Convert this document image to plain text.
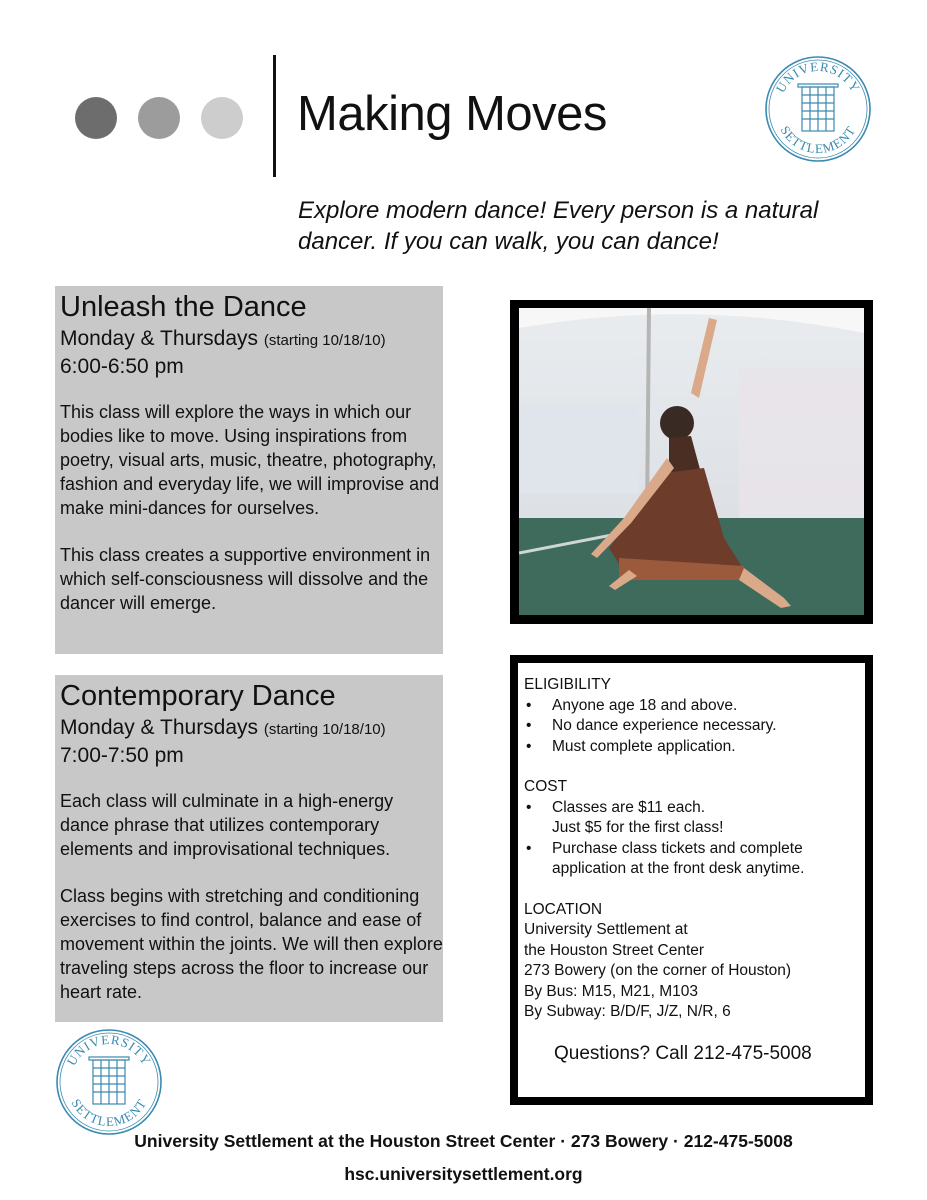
Making Moves
Explore modern dance! Every person is a natural dancer. If you can walk, you can dance!
UNIVERSITY
SETTLEMENT
Unleash the Dance
Monday & Thursdays (starting 10/18/10)
6:00-6:50 pm

This class will explore the ways in which our bodies like to move. Using inspirations from poetry, visual arts, music, theatre, photography, fashion and everyday life, we will improvise and make mini-dances for ourselves.

This class creates a supportive environment in which self-consciousness will dissolve and the dancer will emerge.

Contemporary Dance
Monday & Thursdays (starting 10/18/10)
7:00-7:50 pm

Each class will culminate in a high-energy dance phrase that utilizes contemporary elements and improvisational techniques.

Class begins with stretching and conditioning exercises to find control, balance and ease of movement within the joints. We will then explore traveling steps across the floor to increase our heart rate.

ELIGIBILITY
• Anyone age 18 and above.
• No dance experience necessary.
• Must complete application.
COST
• Classes are $11 each.
Just $5 for the first class!
• Purchase class tickets and complete application at the front desk anytime.
LOCATION
University Settlement at
the Houston Street Center
273 Bowery (on the corner of Houston)
By Bus: M15, M21, M103
By Subway: B/D/F, J/Z, N/R, 6
Questions? Call 212-475-5008
UNIVERSITY
SETTLEMENT
University Settlement at the Houston Street Center · 273 Bowery · 212-475-5008
hsc.universitysettlement.org
